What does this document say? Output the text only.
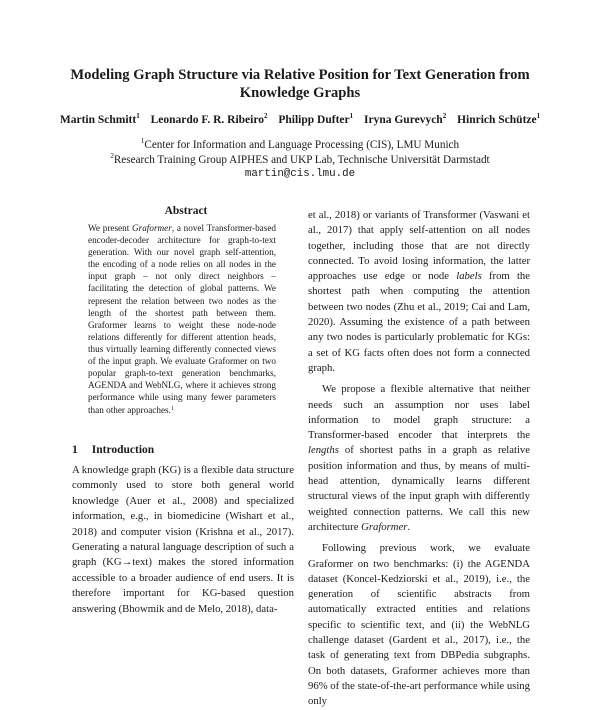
Modeling Graph Structure via Relative Position for Text Generation from Knowledge Graphs
Martin Schmitt$^1$ Leonardo F. R. Ribeiro$^2$ Philipp Dufter$^1$ Iryna Gurevych$^2$ Hinrich Schütze$^1$
$^1$Center for Information and Language Processing (CIS), LMU Munich
$^2$Research Training Group AIPHES and UKP Lab, Technische Universität Darmstadt
martin@cis.lmu.de
Abstract
We present Graformer, a novel Transformer-based encoder-decoder architecture for graph-to-text generation. With our novel graph self-attention, the encoding of a node relies on all nodes in the input graph – not only direct neighbors – facilitating the detection of global patterns. We represent the relation between two nodes as the length of the shortest path between them. Graformer learns to weight these node-node relations differently for different attention heads, thus virtually learning differently connected views of the input graph. We evaluate Graformer on two popular graph-to-text generation benchmarks, AGENDA and WebNLG, where it achieves strong performance while using many fewer parameters than other approaches.$^1$
1 Introduction
A knowledge graph (KG) is a flexible data structure commonly used to store both general world knowledge (Auer et al., 2008) and specialized information, e.g., in biomedicine (Wishart et al., 2018) and computer vision (Krishna et al., 2017). Generating a natural language description of such a graph (KG→text) makes the stored information accessible to a broader audience of end users. It is therefore important for KG-based question answering (Bhowmik and de Melo, 2018), data-

et al., 2018) or variants of Transformer (Vaswani et al., 2017) that apply self-attention on all nodes together, including those that are not directly connected. To avoid losing information, the latter approaches use edge or node labels from the shortest path when computing the attention between two nodes (Zhu et al., 2019; Cai and Lam, 2020). Assuming the existence of a path between any two nodes is particularly problematic for KGs: a set of KG facts often does not form a connected graph.

We propose a flexible alternative that neither needs such an assumption nor uses label information to model graph structure: a Transformer-based encoder that interprets the lengths of shortest paths in a graph as relative position information and thus, by means of multi-head attention, dynamically learns different structural views of the input graph with differently weighted connection patterns. We call this new architecture Graformer.

Following previous work, we evaluate Graformer on two benchmarks: (i) the AGENDA dataset (Koncel-Kedziorski et al., 2019), i.e., the generation of scientific abstracts from automatically extracted entities and relations specific to scientific text, and (ii) the WebNLG challenge dataset (Gardent et al., 2017), i.e., the task of generating text from DBPedia subgraphs. On both datasets, Graformer achieves more than 96% of the state-of-the-art performance while using only
